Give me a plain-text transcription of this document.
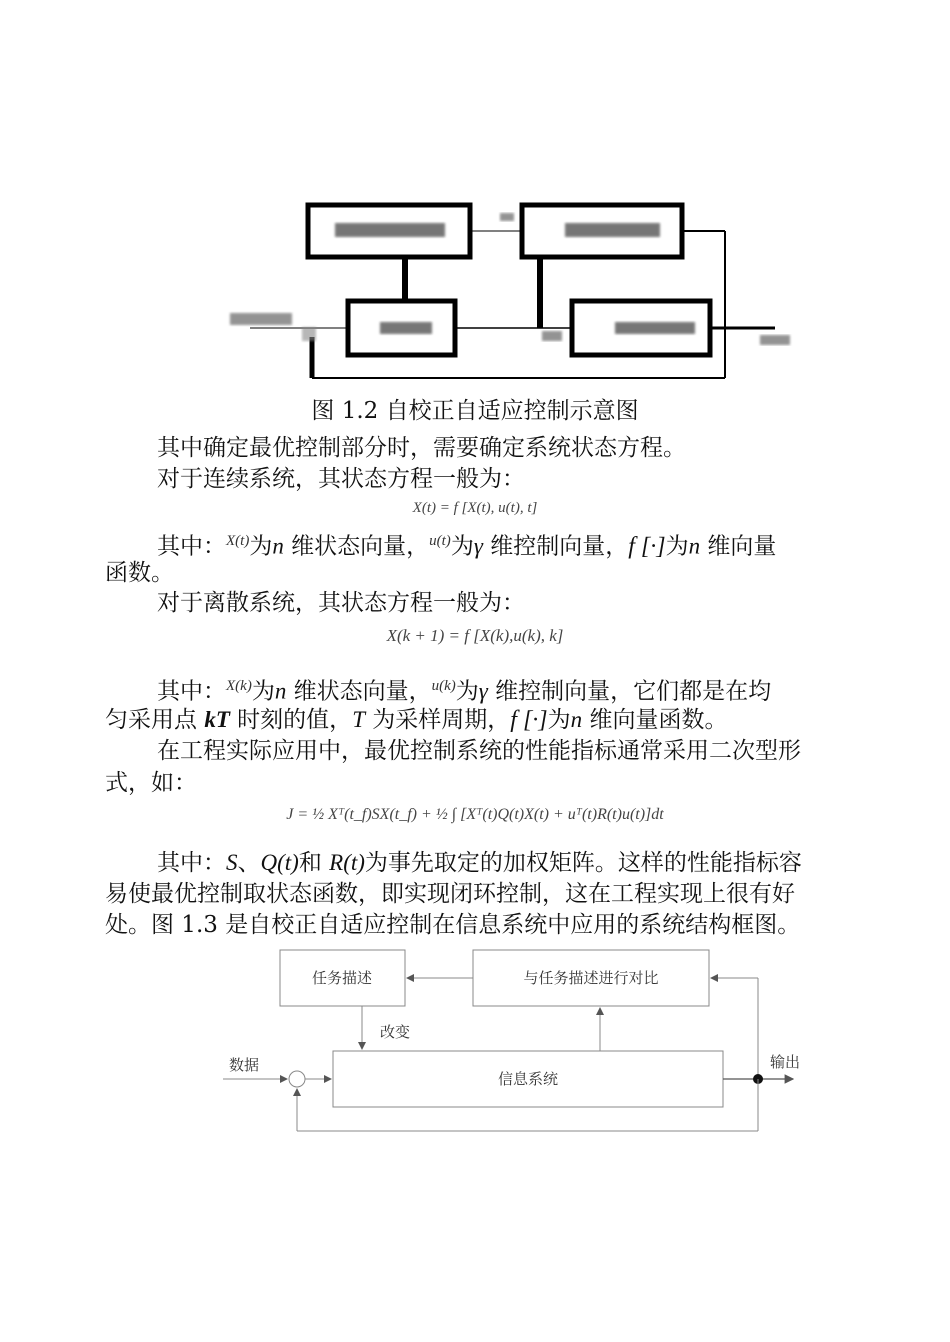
图 1.2 自校正自适应控制示意图
其中确定最优控制部分时，需要确定系统状态方程。
对于连续系统，其状态方程一般为：
X(t) = f [X(t), u(t), t]
其中：$^{X(t)}$为n 维状态向量，$^{u(t)}$为γ 维控制向量，f [·]为n 维向量
函数。
对于离散系统，其状态方程一般为：
X(k + 1) = f [X(k),u(k), k]
其中：$^{X(k)}$为n 维状态向量，$^{u(k)}$为γ 维控制向量，它们都是在均
匀采用点 kT 时刻的值，T 为采样周期，f [·]为n 维向量函数。
在工程实际应用中，最优控制系统的性能指标通常采用二次型形
式，如：
J = ½ Xᵀ(t_f)SX(t_f) + ½ ∫ [Xᵀ(t)Q(t)X(t) + uᵀ(t)R(t)u(t)]dt
其中：S、Q(t)和 R(t)为事先取定的加权矩阵。这样的性能指标容
易使最优控制取状态函数，即实现闭环控制，这在工程实现上很有好
处。图 1.3 是自校正自适应控制在信息系统中应用的系统结构框图。
任务描述	与任务描述进行对比
信息系统
改变
数据	输出
